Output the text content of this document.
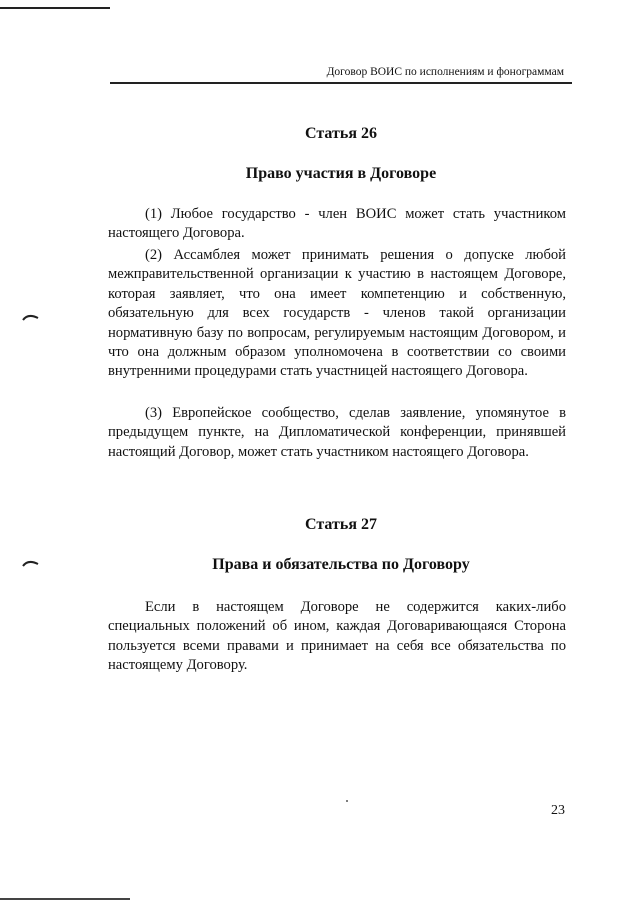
Договор ВОИС по исполнениям и фонограммам
Статья 26
Право участия в Договоре

(1) Любое государство - член ВОИС может стать участником настоящего Договора.

(2) Ассамблея может принимать решения о допуске любой межправительственной организации к участию в настоящем Договоре, которая заявляет, что она имеет компетенцию и собственную, обязательную для всех государств - членов такой организации нормативную базу по вопросам, регулируемым настоящим Договором, и что она должным образом уполномочена в соответствии со своими внутренними процедурами стать участницей настоящего Договора.

(3) Европейское сообщество, сделав заявление, упомянутое в предыдущем пункте, на Дипломатической конференции, принявшей настоящий Договор, может стать участником настоящего Договора.

Статья 27
Права и обязательства по Договору

Если в настоящем Договоре не содержится каких-либо специальных положений об ином, каждая Договаривающаяся Сторона пользуется всеми правами и принимает на себя все обязательства по настоящему Договору.

23
